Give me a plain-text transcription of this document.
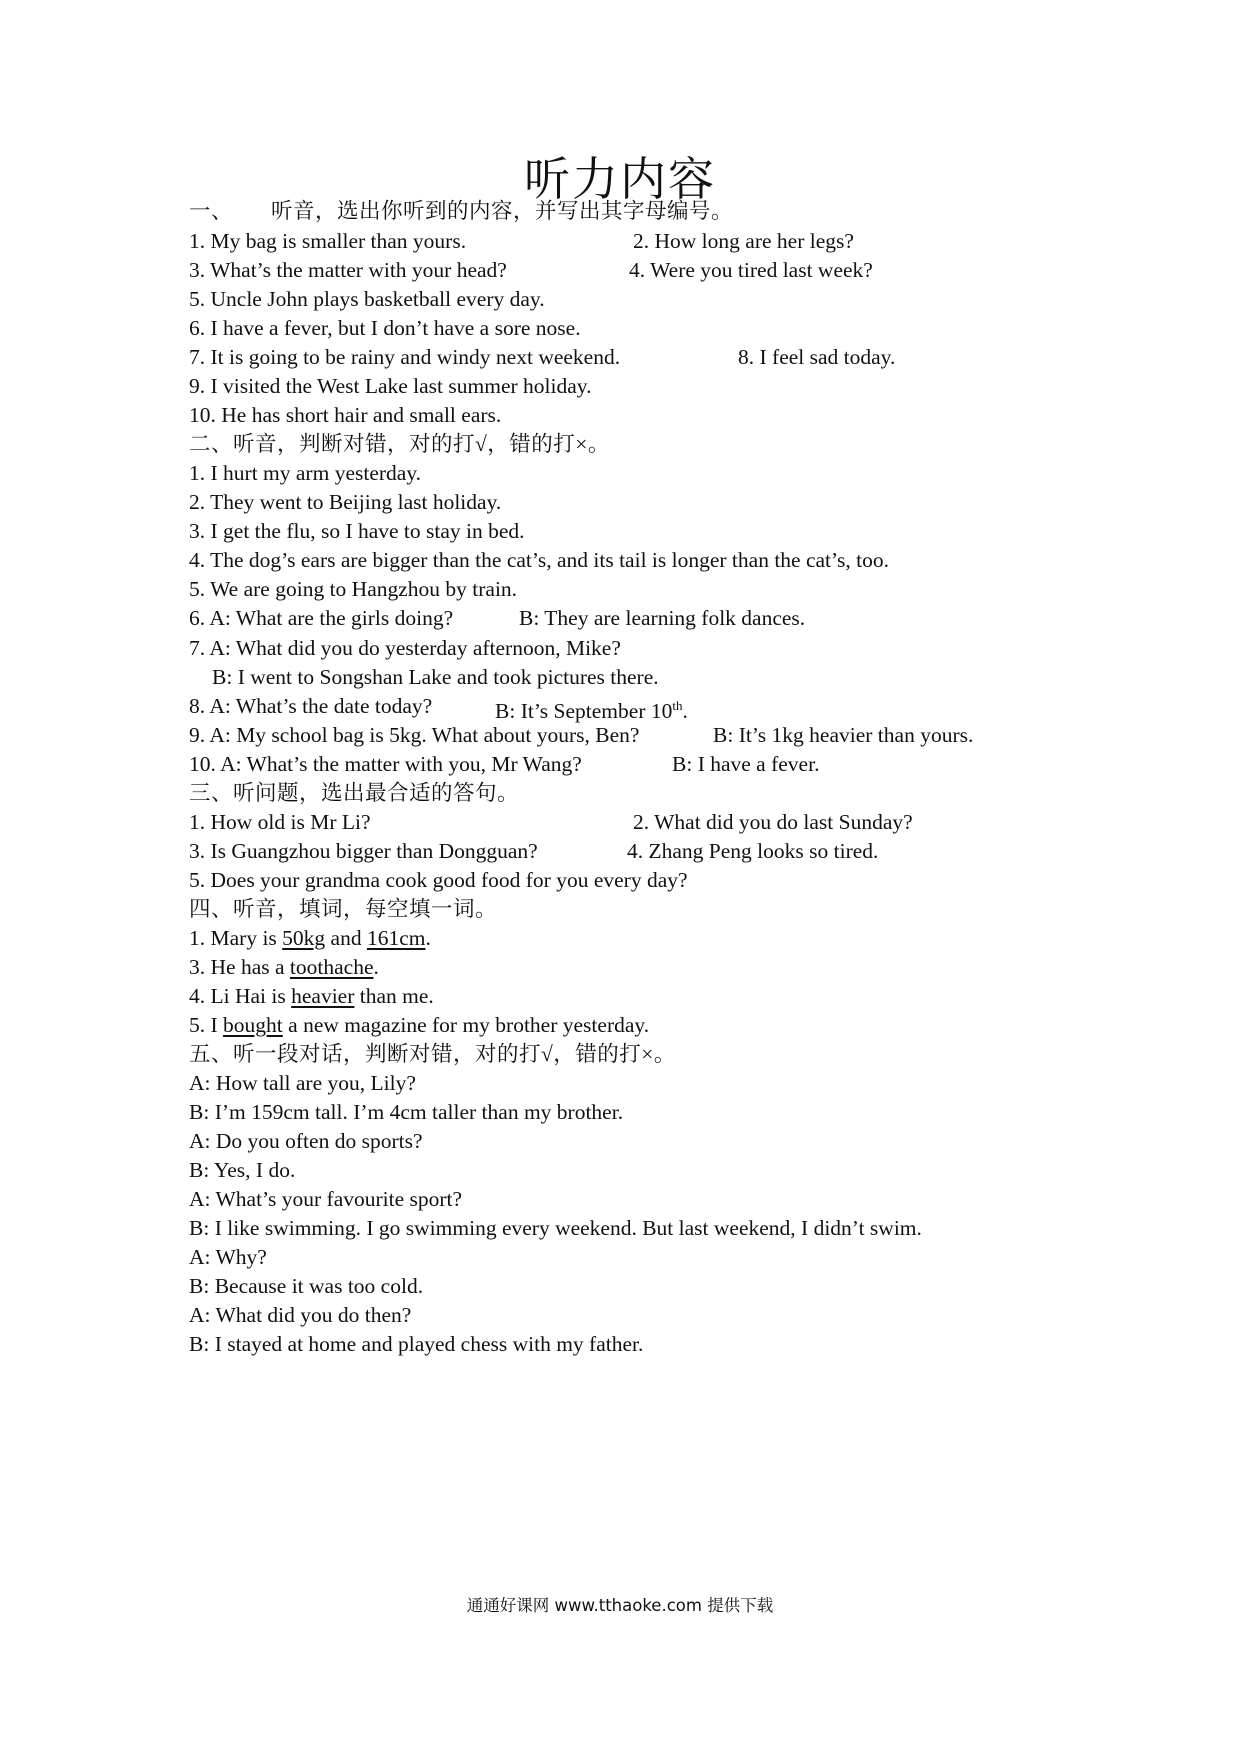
听力内容
一、 听音，选出你听到的内容，并写出其字母编号。
1. My bag is smaller than yours.	2. How long are her legs?
3. What’s the matter with your head?	4. Were you tired last week?
5. Uncle John plays basketball every day.
6. I have a fever, but I don’t have a sore nose.
7. It is going to be rainy and windy next weekend.	8. I feel sad today.
9. I visited the West Lake last summer holiday.
10. He has short hair and small ears.
二、听音，判断对错，对的打√，错的打×。
1. I hurt my arm yesterday.
2. They went to Beijing last holiday.
3. I get the flu, so I have to stay in bed.
4. The dog’s ears are bigger than the cat’s, and its tail is longer than the cat’s, too.
5. We are going to Hangzhou by train.
6. A: What are the girls doing?	B: They are learning folk dances.
7. A: What did you do yesterday afternoon, Mike?
B: I went to Songshan Lake and took pictures there.
8. A: What’s the date today?	B: It’s September 10th.
9. A: My school bag is 5kg. What about yours, Ben?	B: It’s 1kg heavier than yours.
10. A: What’s the matter with you, Mr Wang?	B: I have a fever.
三、听问题，选出最合适的答句。
1. How old is Mr Li?	2. What did you do last Sunday?
3. Is Guangzhou bigger than Dongguan?	4. Zhang Peng looks so tired.
5. Does your grandma cook good food for you every day?
四、听音，填词，每空填一词。
1. Mary is 50kg and 161cm.
3. He has a toothache.
4. Li Hai is heavier than me.
5. I bought a new magazine for my brother yesterday.
五、听一段对话，判断对错，对的打√，错的打×。
A: How tall are you, Lily?
B: I’m 159cm tall. I’m 4cm taller than my brother.
A: Do you often do sports?
B: Yes, I do.
A: What’s your favourite sport?
B: I like swimming. I go swimming every weekend. But last weekend, I didn’t swim.
A: Why?
B: Because it was too cold.
A: What did you do then?
B: I stayed at home and played chess with my father.
通通好课网 www.tthaoke.com 提供下载
